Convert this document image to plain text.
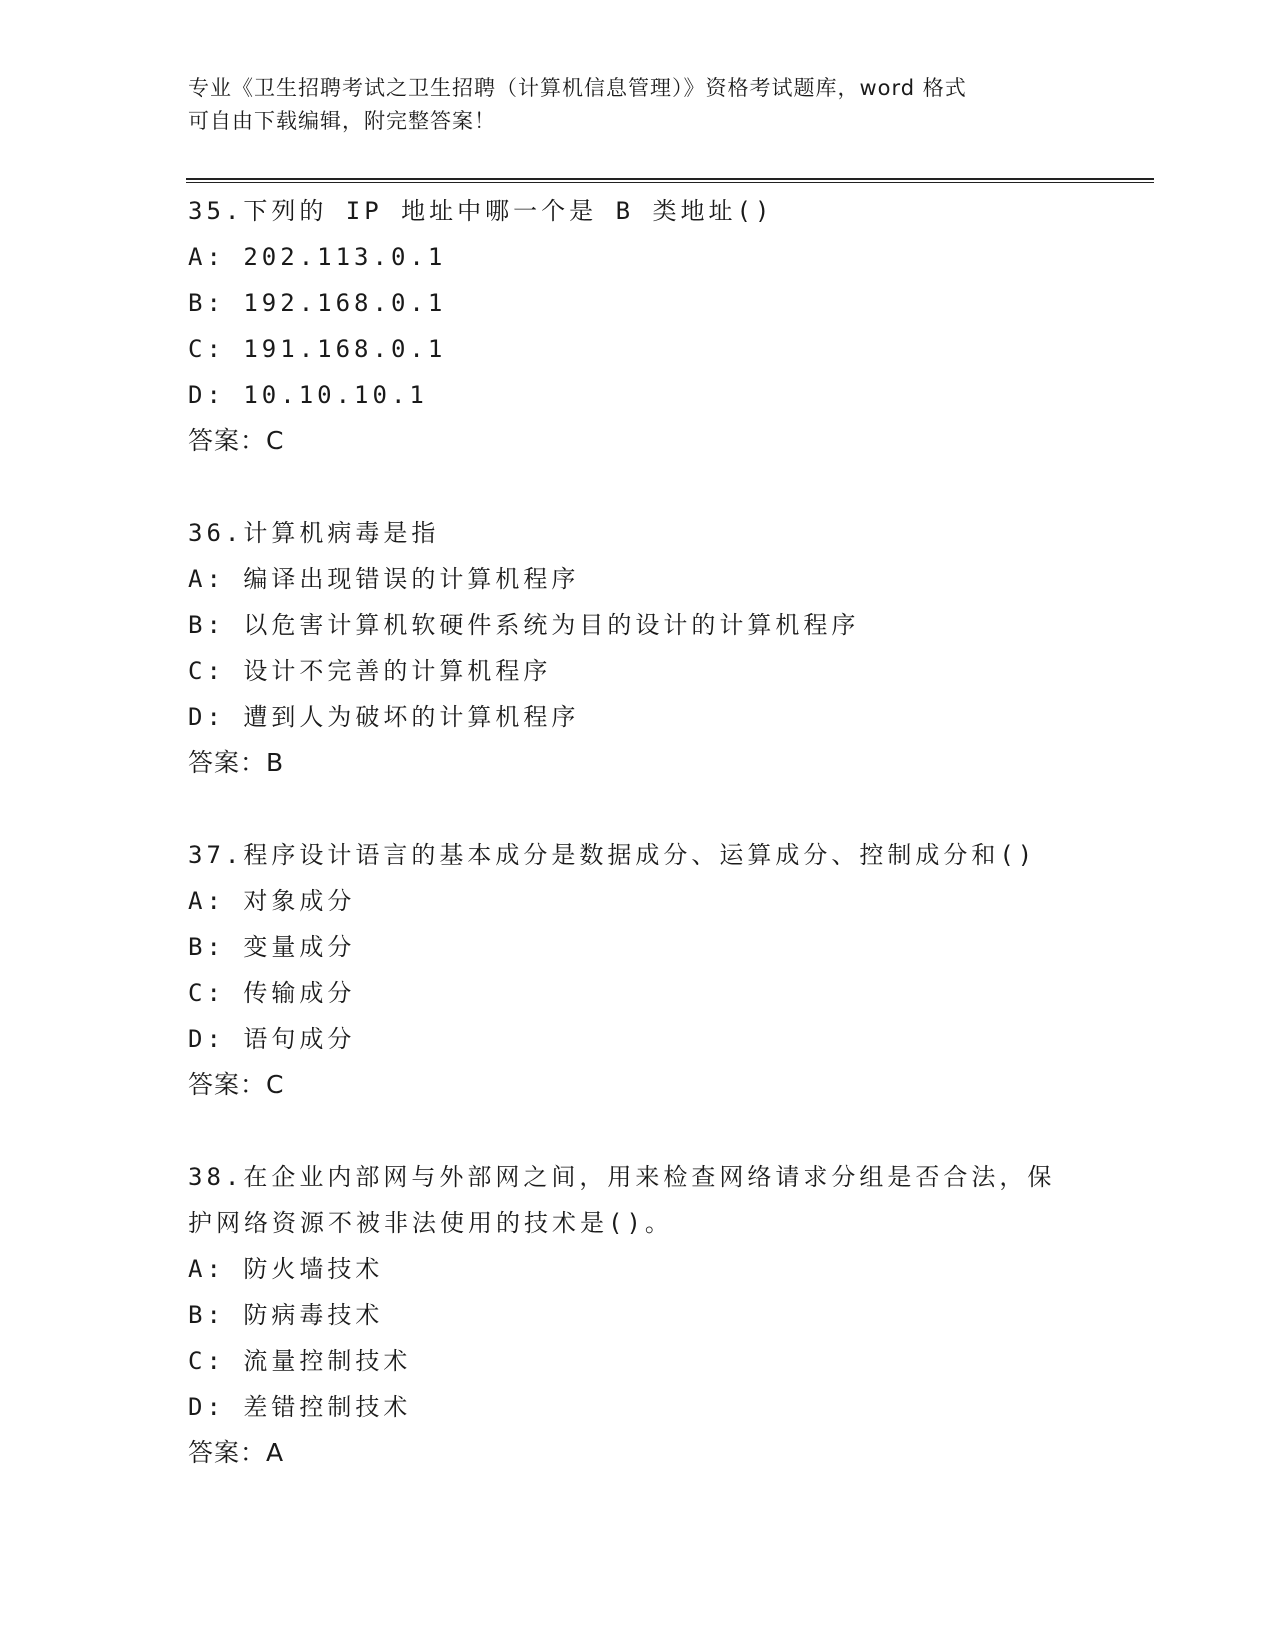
专业《卫生招聘考试之卫生招聘（计算机信息管理）》资格考试题库，word 格式

可自由下载编辑，附完整答案！

35.下列的 IP 地址中哪一个是 B 类地址()
A: 202.113.0.1
B: 192.168.0.1
C: 191.168.0.1
D: 10.10.10.1
答案：C
36.计算机病毒是指
A: 编译出现错误的计算机程序
B: 以危害计算机软硬件系统为目的设计的计算机程序
C: 设计不完善的计算机程序
D: 遭到人为破坏的计算机程序
答案：B
37.程序设计语言的基本成分是数据成分、运算成分、控制成分和()
A: 对象成分
B: 变量成分
C: 传输成分
D: 语句成分
答案：C
38.在企业内部网与外部网之间，用来检查网络请求分组是否合法，保
护网络资源不被非法使用的技术是()。
A: 防火墙技术
B: 防病毒技术
C: 流量控制技术
D: 差错控制技术
答案：A
